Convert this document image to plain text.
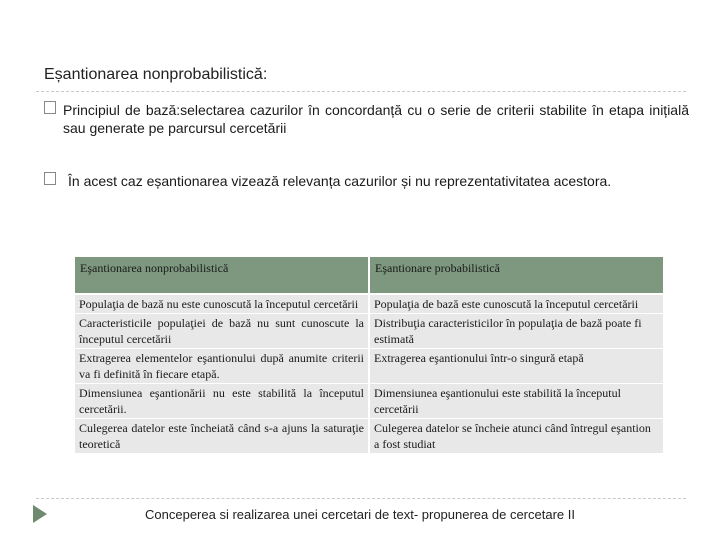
Eșantionarea nonprobabilistică:
Principiul de bază:selectarea cazurilor în concordanță cu o serie de criterii stabilite în etapa inițială sau generate pe parcursul cercetării
În acest caz eșantionarea vizează relevanța cazurilor și nu reprezentativitatea acestora.
Eşantionarea nonprobabilistică	Eşantionare probabilistică
Populaţia de bază nu este cunoscută la începutul cercetării	Populaţia de bază este cunoscută la începutul cercetării
Caracteristicile populaţiei de bază nu sunt cunoscute la începutul cercetării	Distribuţia caracteristicilor în populaţia de bază poate fi estimată
Extragerea elementelor eşantionului după anumite criterii va fi definită în fiecare etapă.	Extragerea eşantionului într-o singură etapă
Dimensiunea eşantionării nu este stabilită la începutul cercetării.	Dimensiunea eşantionului este stabilită la începutul cercetării
Culegerea datelor este încheiată când s-a ajuns la saturaţie teoretică	Culegerea datelor se încheie atunci când întregul eşantion a fost studiat
Conceperea si realizarea unei cercetari de text- propunerea de cercetare II
